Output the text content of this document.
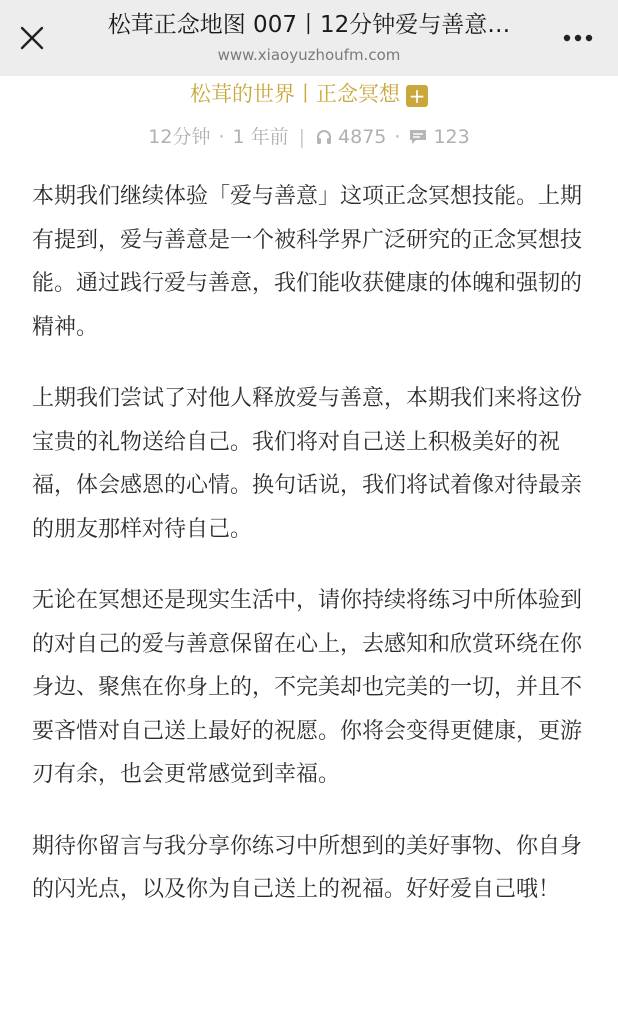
松茸正念地图 007丨12分钟爱与善意…
www.xiaoyuzhoufm.com
松茸的世界丨正念冥想 +
12分钟 · 1 年前 | 4875 · 123

本期我们继续体验「爱与善意」这项正念冥想技能。上期有提到，爱与善意是一个被科学界广泛研究的正念冥想技能。通过践行爱与善意，我们能收获健康的体魄和强韧的精神。

上期我们尝试了对他人释放爱与善意，本期我们来将这份宝贵的礼物送给自己。我们将对自己送上积极美好的祝福，体会感恩的心情。换句话说，我们将试着像对待最亲的朋友那样对待自己。

无论在冥想还是现实生活中，请你持续将练习中所体验到的对自己的爱与善意保留在心上，去感知和欣赏环绕在你身边、聚焦在你身上的，不完美却也完美的一切，并且不要吝惜对自己送上最好的祝愿。你将会变得更健康，更游刃有余，也会更常感觉到幸福。

期待你留言与我分享你练习中所想到的美好事物、你自身的闪光点，以及你为自己送上的祝福。好好爱自己哦！
